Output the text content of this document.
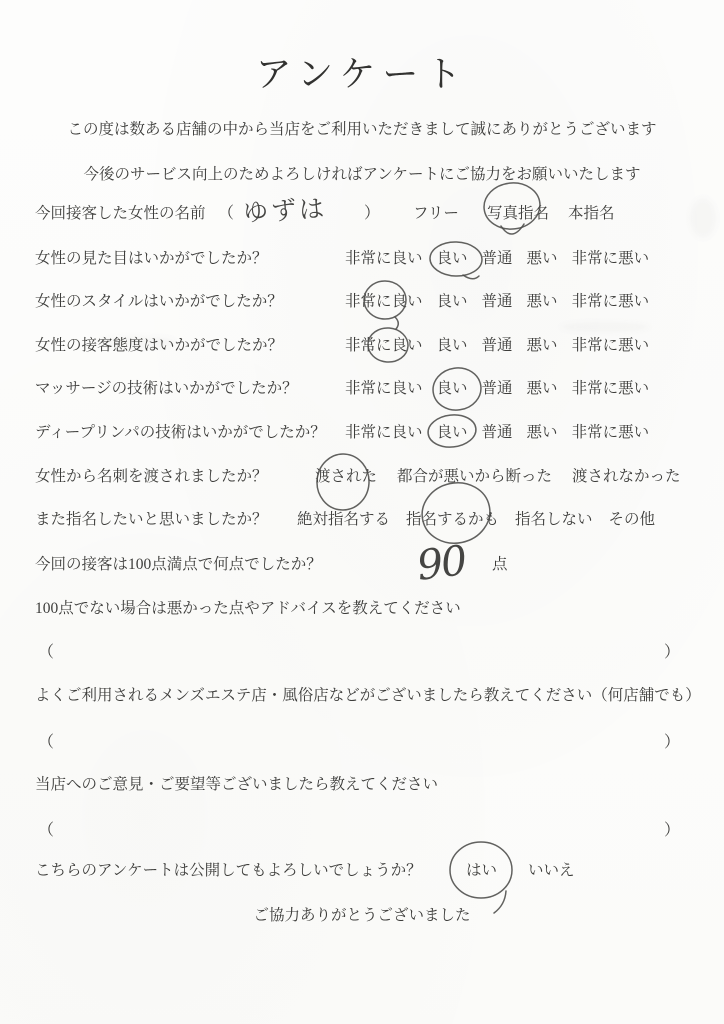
アンケート
この度は数ある店舗の中から当店をご利用いただきまして誠にありがとうございます
今後のサービス向上のためよろしければアンケートにご協力をお願いいたします
今回接客した女性の名前 （ ゆずは ） フリー 写真指名 本指名
女性の見た目はいかがでしたか？	非常に良い 良い 普通 悪い 非常に悪い
女性のスタイルはいかがでしたか？	非常に良い 良い 普通 悪い 非常に悪い
女性の接客態度はいかがでしたか？	非常に良い 良い 普通 悪い 非常に悪い
マッサージの技術はいかがでしたか？	非常に良い 良い 普通 悪い 非常に悪い
ディープリンパの技術はいかがでしたか？ 非常に良い 良い 普通 悪い 非常に悪い
女性から名刺を渡されましたか？	渡された 都合が悪いから断った 渡されなかった
また指名したいと思いましたか？ 絶対指名する 指名するかも 指名しない その他
今回の接客は100点満点で何点でしたか？ 90 点
100点でない場合は悪かった点やアドバイスを教えてください
（	）
よくご利用されるメンズエステ店・風俗店などがございましたら教えてください（何店舗でも）
（	）
当店へのご意見・ご要望等ございましたら教えてください
（	）
こちらのアンケートは公開してもよろしいでしょうか？	はい いいえ
ご協力ありがとうございました
